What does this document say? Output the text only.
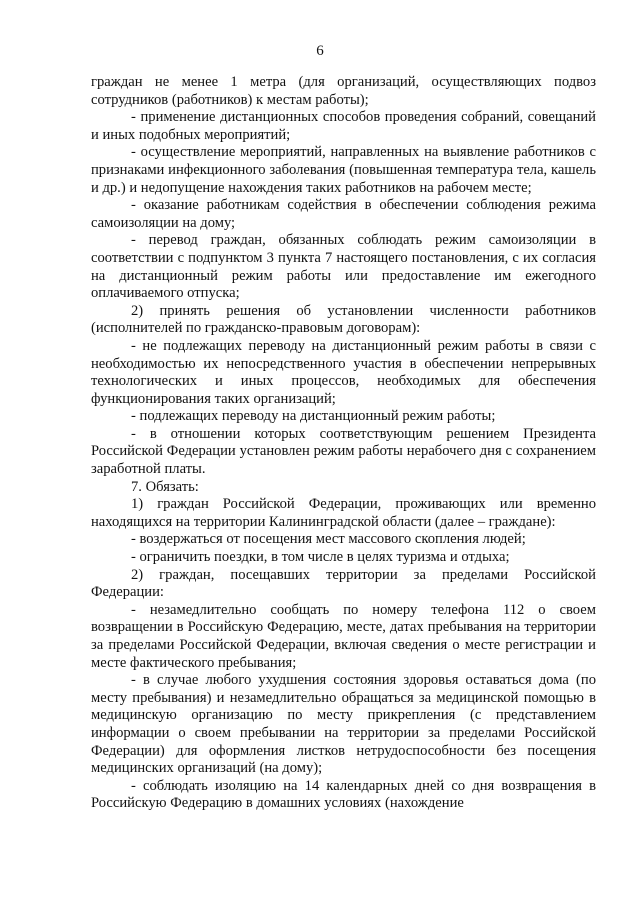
6

граждан не менее 1 метра (для организаций, осуществляющих подвоз сотрудников (работников) к местам работы);

- применение дистанционных способов проведения собраний, совещаний и иных подобных мероприятий;

- осуществление мероприятий, направленных на выявление работников с признаками инфекционного заболевания (повышенная температура тела, кашель и др.) и недопущение нахождения таких работников на рабочем месте;

- оказание работникам содействия в обеспечении соблюдения режима самоизоляции на дому;

- перевод граждан, обязанных соблюдать режим самоизоляции в соответствии с подпунктом 3 пункта 7 настоящего постановления, с их согласия на дистанционный режим работы или предоставление им ежегодного оплачиваемого отпуска;

2) принять решения об установлении численности работников (исполнителей по гражданско-правовым договорам):

- не подлежащих переводу на дистанционный режим работы в связи с необходимостью их непосредственного участия в обеспечении непрерывных технологических и иных процессов, необходимых для обеспечения функционирования таких организаций;

- подлежащих переводу на дистанционный режим работы;

- в отношении которых соответствующим решением Президента Российской Федерации установлен режим работы нерабочего дня с сохранением заработной платы.

7. Обязать:

1) граждан Российской Федерации, проживающих или временно находящихся на территории Калининградской области (далее – граждане):

- воздержаться от посещения мест массового скопления людей;

- ограничить поездки, в том числе в целях туризма и отдыха;

2) граждан, посещавших территории за пределами Российской Федерации:

- незамедлительно сообщать по номеру телефона 112 о своем возвращении в Российскую Федерацию, месте, датах пребывания на территории за пределами Российской Федерации, включая сведения о месте регистрации и месте фактического пребывания;

- в случае любого ухудшения состояния здоровья оставаться дома (по месту пребывания) и незамедлительно обращаться за медицинской помощью в медицинскую организацию по месту прикрепления (с представлением информации о своем пребывании на территории за пределами Российской Федерации) для оформления листков нетрудоспособности без посещения медицинских организаций (на дому);

- соблюдать изоляцию на 14 календарных дней со дня возвращения в Российскую Федерацию в домашних условиях (нахождение
